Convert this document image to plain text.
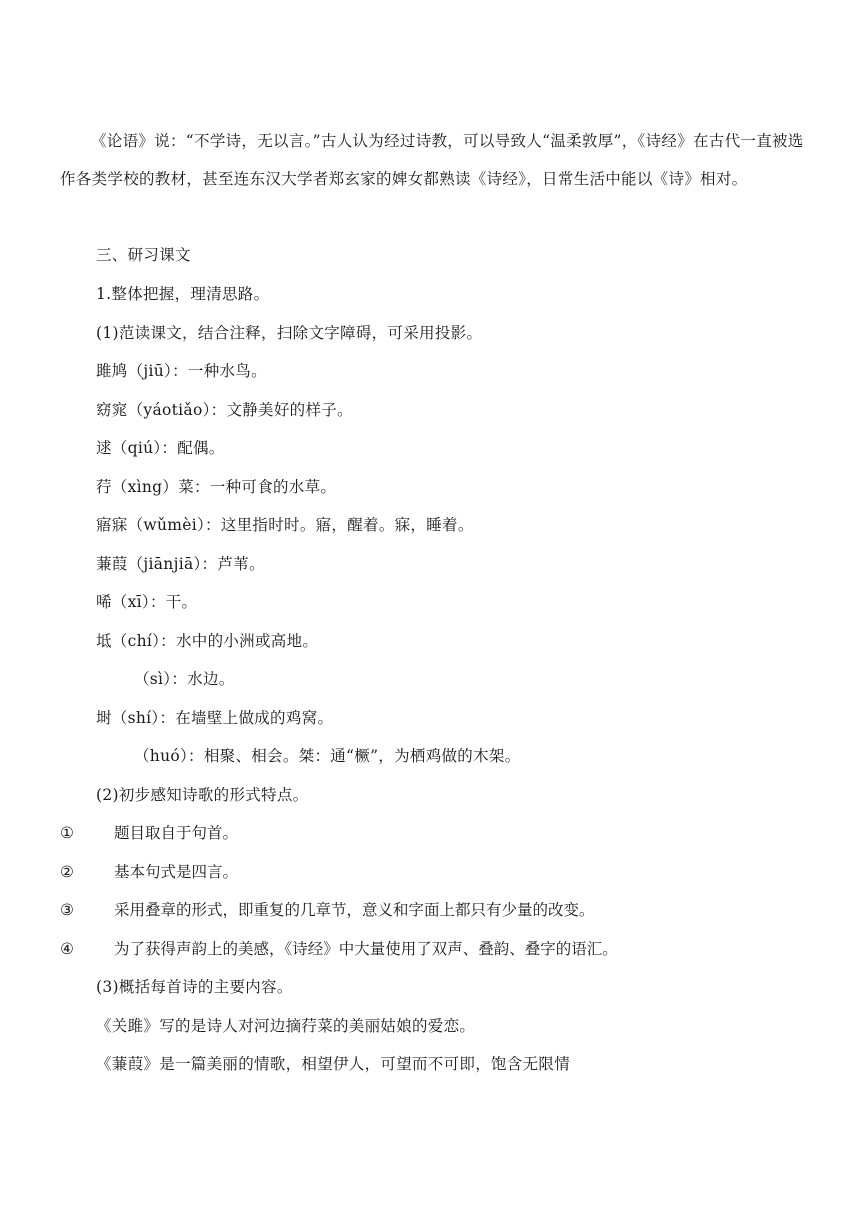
《论语》说：“不学诗，无以言。”古人认为经过诗教，可以导致人“温柔敦厚”，《诗经》在古代一直被选作各类学校的教材，甚至连东汉大学者郑玄家的婢女都熟读《诗经》，日常生活中能以《诗》相对。

三、研习课文

1.整体把握，理清思路。

(1)范读课文，结合注释，扫除文字障碍，可采用投影。

雎鸠（jiū）：一种水鸟。

窈窕（yáotiǎo）：文静美好的样子。

逑（qiú）：配偶。

荇（xìng）菜：一种可食的水草。

寤寐（wǔmèi）：这里指时时。寤，醒着。寐，睡着。

蒹葭（jiānjiā）：芦苇。

唏（xī）：干。

坻（chí）：水中的小洲或高地。

（sì）：水边。

埘（shí）：在墙壁上做成的鸡窝。

（huó）：相聚、相会。桀：通“橛”，为栖鸡做的木架。

(2)初步感知诗歌的形式特点。

①	题目取自于句首。

②	基本句式是四言。

③	采用叠章的形式，即重复的几章节，意义和字面上都只有少量的改变。

④	为了获得声韵上的美感，《诗经》中大量使用了双声、叠韵、叠字的语汇。

(3)概括每首诗的主要内容。

《关雎》写的是诗人对河边摘荇菜的美丽姑娘的爱恋。

《蒹葭》是一篇美丽的情歌，相望伊人，可望而不可即，饱含无限情
